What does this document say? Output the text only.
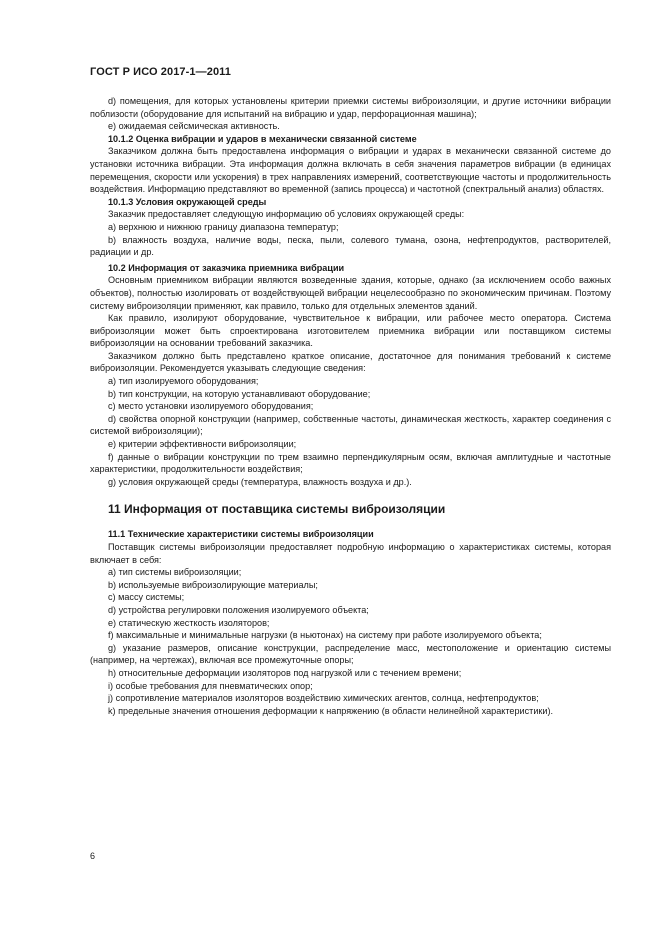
ГОСТ Р ИСО 2017-1—2011

d) помещения, для которых установлены критерии приемки системы виброизоляции, и другие источники вибрации поблизости (оборудование для испытаний на вибрацию и удар, перфорационная машина);

e) ожидаемая сейсмическая активность.

10.1.2 Оценка вибрации и ударов в механически связанной системе

Заказчиком должна быть предоставлена информация о вибрации и ударах в механически связанной системе до установки источника вибрации. Эта информация должна включать в себя значения параметров вибрации (в единицах перемещения, скорости или ускорения) в трех направлениях измерений, соответствующие частоты и продолжительность воздействия. Информацию представляют во временной (запись процесса) и частотной (спектральный анализ) областях.

10.1.3 Условия окружающей среды

Заказчик предоставляет следующую информацию об условиях окружающей среды:

a) верхнюю и нижнюю границу диапазона температур;

b) влажность воздуха, наличие воды, песка, пыли, солевого тумана, озона, нефтепродуктов, растворителей, радиации и др.

10.2 Информация от заказчика приемника вибрации

Основным приемником вибрации являются возведенные здания, которые, однако (за исключением особо важных объектов), полностью изолировать от воздействующей вибрации нецелесообразно по экономическим причинам. Поэтому систему виброизоляции применяют, как правило, только для отдельных элементов зданий.

Как правило, изолируют оборудование, чувствительное к вибрации, или рабочее место оператора. Система виброизоляции может быть спроектирована изготовителем приемника вибрации или поставщиком системы виброизоляции на основании требований заказчика.

Заказчиком должно быть представлено краткое описание, достаточное для понимания требований к системе виброизоляции. Рекомендуется указывать следующие сведения:

a) тип изолируемого оборудования;

b) тип конструкции, на которую устанавливают оборудование;

c) место установки изолируемого оборудования;

d) свойства опорной конструкции (например, собственные частоты, динамическая жесткость, характер соединения с системой виброизоляции);

e) критерии эффективности виброизоляции;

f) данные о вибрации конструкции по трем взаимно перпендикулярным осям, включая амплитудные и частотные характеристики, продолжительности воздействия;

g) условия окружающей среды (температура, влажность воздуха и др.).

11 Информация от поставщика системы виброизоляции

11.1 Технические характеристики системы виброизоляции

Поставщик системы виброизоляции предоставляет подробную информацию о характеристиках системы, которая включает в себя:

a) тип системы виброизоляции;

b) используемые виброизолирующие материалы;

c) массу системы;

d) устройства регулировки положения изолируемого объекта;

e) статическую жесткость изоляторов;

f) максимальные и минимальные нагрузки (в ньютонах) на систему при работе изолируемого объекта;

g) указание размеров, описание конструкции, распределение масс, местоположение и ориентацию системы (например, на чертежах), включая все промежуточные опоры;

h) относительные деформации изоляторов под нагрузкой или с течением времени;

i) особые требования для пневматических опор;

j) сопротивление материалов изоляторов воздействию химических агентов, солнца, нефтепродуктов;

k) предельные значения отношения деформации к напряжению (в области нелинейной характеристики).

6
